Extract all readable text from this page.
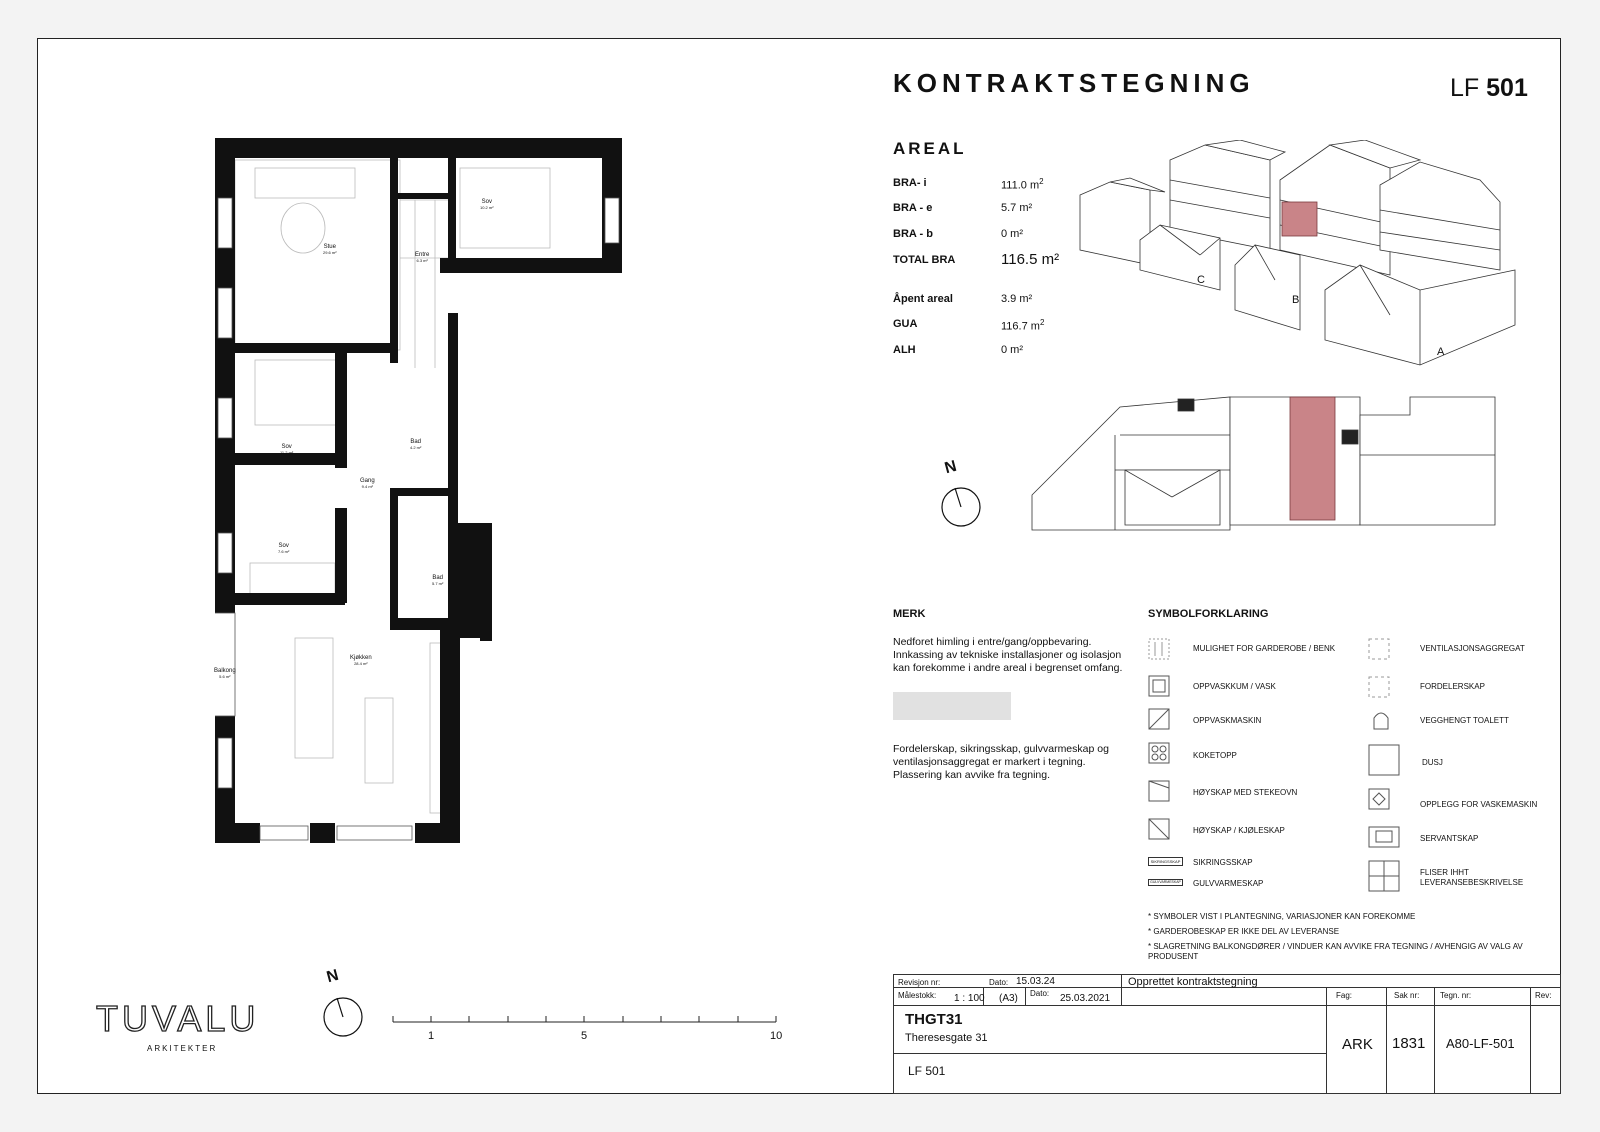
KONTRAKTSTEGNING	LF 501
AREAL
BRA- i	111.0 $m^2$
BRA - e	5.7 m²
BRA - b	0 m²
TOTAL BRA	116.5 m²
Åpent areal	3.9 m²
GUA	116.7 $m^2$
ALH	0 m²
C
B
A
N
Stue
29.6 m²
Sov
10.2 m²
Entre
6.3 m²
Sov
11.2 m²
Bad
4.2 m²
Gang
9.4 m²
Sov
7.6 m²
Bad
5.7 m²
Balkong
5.6 m²
Kjøkken
28.4 m²
TUVALU
ARKITEKTER
N
1	5	10
MERK
Nedforet himling i entre/gang/oppbevaring. Innkassing av tekniske installasjoner og isolasjon kan forekomme i andre areal i begrenset omfang.
Fordelerskap, sikringsskap, gulvvarmeskap og ventilasjonsaggregat er markert i tegning. Plassering kan avvike fra tegning.
SYMBOLFORKLARING
MULIGHET FOR GARDEROBE / BENK
OPPVASKKUM / VASK
OPPVASKMASKIN
KOKETOPP
HØYSKAP MED STEKEOVN
HØYSKAP / KJØLESKAP
SIKRINGSSKAP	SIKRINGSSKAP
GULVVARMESKAP GULVVARMESKAP
VENTILASJONSAGGREGAT
FORDELERSKAP
VEGGHENGT TOALETT
DUSJ
OPPLEGG FOR VASKEMASKIN
SERVANTSKAP
FLISER IHHT LEVERANSEBESKRIVELSE
* SYMBOLER VIST I PLANTEGNING, VARIASJONER KAN FOREKOMME
* GARDEROBESKAP ER IKKE DEL AV LEVERANSE
* SLAGRETNING BALKONGDØRER / VINDUER KAN AVVIKE FRA TEGNING / AVHENGIG AV VALG AV PRODUSENT
Revisjon nr:	Dato: 15.03.24	Opprettet kontraktstegning
Målestokk: 1 : 100 (A3) Dato: 25.03.2021	Fag:	Sak nr:	Tegn. nr:	Rev:
THGT31
Theresesgate 31	ARK 1831 A80-LF-501
LF 501
